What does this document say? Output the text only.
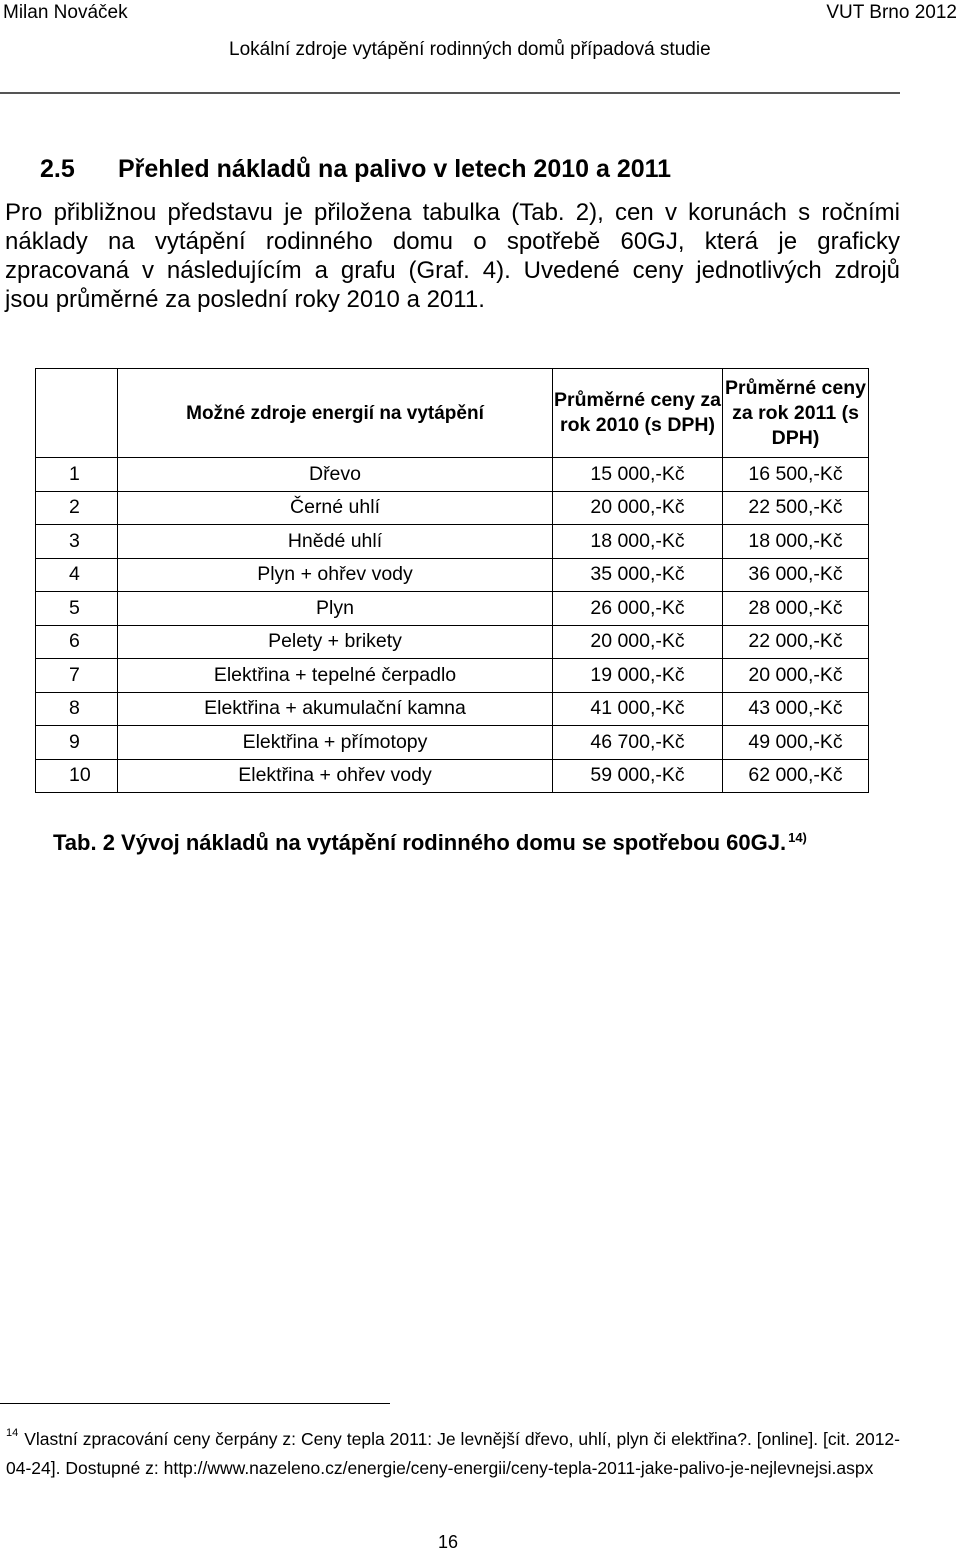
Milan Nováček	VUT Brno 2012
Lokální zdroje vytápění rodinných domů případová studie
2.5 Přehled nákladů na palivo v letech 2010 a 2011
Pro přibližnou představu je přiložena tabulka (Tab. 2), cen v korunách s ročními
náklady na vytápění rodinného domu o spotřebě 60GJ, která je graficky
zpracovaná v následujícím a grafu (Graf. 4). Uvedené ceny jednotlivých zdrojů
jsou průměrné za poslední roky 2010 a 2011.
	Možné zdroje energií na vytápění	Průměrné ceny za rok 2010 (s DPH)	Průměrné ceny za rok 2011 (s DPH)
1	Dřevo	15 000,-Kč	16 500,-Kč
2	Černé uhlí	20 000,-Kč	22 500,-Kč
3	Hnědé uhlí	18 000,-Kč	18 000,-Kč
4	Plyn + ohřev vody	35 000,-Kč	36 000,-Kč
5	Plyn	26 000,-Kč	28 000,-Kč
6	Pelety + brikety	20 000,-Kč	22 000,-Kč
7	Elektřina + tepelné čerpadlo	19 000,-Kč	20 000,-Kč
8	Elektřina + akumulační kamna	41 000,-Kč	43 000,-Kč
9	Elektřina + přímotopy	46 700,-Kč	49 000,-Kč
10	Elektřina + ohřev vody	59 000,-Kč	62 000,-Kč
Tab. 2 Vývoj nákladů na vytápění rodinného domu se spotřebou 60GJ. $^{14)}$
$^{14}$ Vlastní zpracování ceny čerpány z: Ceny tepla 2011: Je levnější dřevo, uhlí, plyn či elektřina?. [online]. [cit. 2012-04-24]. Dostupné z: http://www.nazeleno.cz/energie/ceny-energii/ceny-tepla-2011-jake-palivo-je-nejlevnejsi.aspx
16
